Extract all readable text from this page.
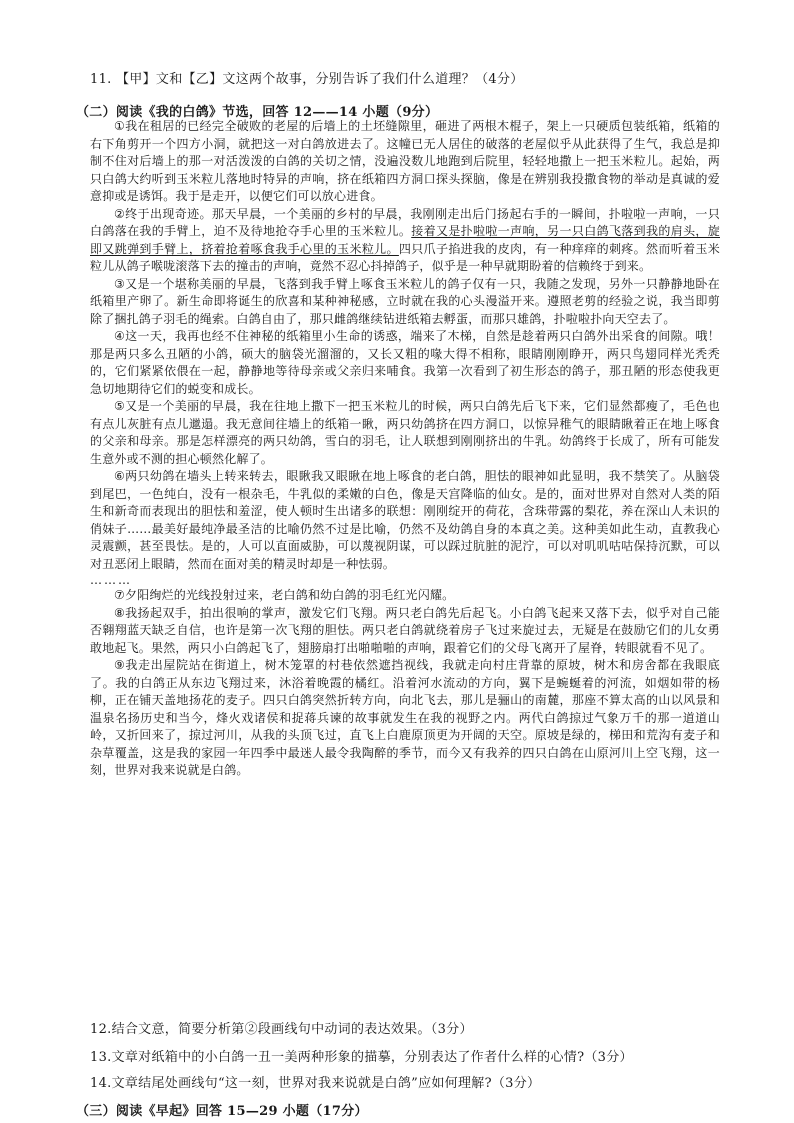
11. 【甲】文和【乙】文这两个故事，分别告诉了我们什么道理？（4分）
（二）阅读《我的白鸽》节选，回答 12——14 小题（9分）

①我在租居的已经完全破败的老屋的后墙上的土坯缝隙里，砸进了两根木棍子，架上一只硬质包装纸箱，纸箱的右下角剪开一个四方小洞，就把这一对白鸽放进去了。这幢已无人居住的破落的老屋似乎从此获得了生气，我总是抑制不住对后墙上的那一对活泼泼的白鸽的关切之情，没遍没数儿地跑到后院里，轻轻地撒上一把玉米粒儿。起始，两只白鸽大约听到玉米粒儿落地时特异的声响，挤在纸箱四方洞口探头探脑，像是在辨别我投撒食物的举动是真诚的爱意抑或是诱饵。我于是走开，以便它们可以放心进食。

②终于出现奇迹。那天早晨，一个美丽的乡村的早晨，我刚刚走出后门扬起右手的一瞬间，扑啦啦一声响，一只白鸽落在我的手臂上，迫不及待地抢夺手心里的玉米粒儿。接着又是扑啦啦一声响，另一只白鸽飞落到我的肩头，旋即又跳弹到手臂上，挤着抢着啄食我手心里的玉米粒儿。四只爪子掐进我的皮肉，有一种痒痒的刺疼。然而听着玉米粒儿从鸽子喉咙滚落下去的撞击的声响，竟然不忍心抖掉鸽子，似乎是一种早就期盼着的信赖终于到来。

③又是一个堪称美丽的早晨，飞落到我手臂上啄食玉米粒儿的鸽子仅有一只，我随之发现，另外一只静静地卧在纸箱里产卵了。新生命即将诞生的欣喜和某种神秘感，立时就在我的心头漫溢开来。遵照老剪的经验之说，我当即剪除了捆扎鸽子羽毛的绳索。白鸽自由了，那只雌鸽继续钻进纸箱去孵蛋，而那只雄鸽，扑啦啦扑向天空去了。

④这一天，我再也经不住神秘的纸箱里小生命的诱惑，端来了木梯，自然是趁着两只白鸽外出采食的间隙。哦！那是两只多么丑陋的小鸽，硕大的脑袋光溜溜的，又长又粗的喙大得不相称，眼睛刚刚睁开，两只鸟翅同样光秃秃的，它们紧紧依偎在一起，静静地等待母亲或父亲归来哺食。我第一次看到了初生形态的鸽子，那丑陋的形态使我更急切地期待它们的蜕变和成长。

⑤又是一个美丽的早晨，我在往地上撒下一把玉米粒儿的时候，两只白鸽先后飞下来，它们显然都瘦了，毛色也有点儿灰脏有点儿邋遢。我无意间往墙上的纸箱一瞅，两只幼鸽挤在四方洞口，以惊异稚气的眼睛瞅着正在地上啄食的父亲和母亲。那是怎样漂亮的两只幼鸽，雪白的羽毛，让人联想到刚刚挤出的牛乳。幼鸽终于长成了，所有可能发生意外或不测的担心顿然化解了。

⑥两只幼鸽在墙头上转来转去，眼瞅我又眼瞅在地上啄食的老白鸽，胆怯的眼神如此显明，我不禁笑了。从脑袋到尾巴，一色纯白，没有一根杂毛，牛乳似的柔嫩的白色，像是天宫降临的仙女。是的，面对世界对自然对人类的陌生和新奇而表现出的胆怯和羞涩，使人顿时生出诸多的联想：刚刚绽开的荷花，含珠带露的梨花，养在深山人未识的俏妹子……最美好最纯净最圣洁的比喻仍然不过是比喻，仍然不及幼鸽自身的本真之美。这种美如此生动，直教我心灵震颤，甚至畏怯。是的，人可以直面威胁，可以蔑视阴谋，可以踩过肮脏的泥泞，可以对叽叽咕咕保持沉默，可以对丑恶闭上眼睛，然而在面对美的精灵时却是一种怯弱。

………

⑦夕阳绚烂的光线投射过来，老白鸽和幼白鸽的羽毛红光闪耀。

⑧我扬起双手，拍出很响的掌声，激发它们飞翔。两只老白鸽先后起飞。小白鸽飞起来又落下去，似乎对自己能否翱翔蓝天缺乏自信，也许是第一次飞翔的胆怯。两只老白鸽就绕着房子飞过来旋过去，无疑是在鼓励它们的儿女勇敢地起飞。果然，两只小白鸽起飞了，翅膀扇打出啪啪啪的声响，跟着它们的父母飞离开了屋脊，转眼就看不见了。

⑨我走出屋院站在街道上，树木笼罩的村巷依然遮挡视线，我就走向村庄背靠的原坡，树木和房舍都在我眼底了。我的白鸽正从东边飞翔过来，沐浴着晚霞的橘红。沿着河水流动的方向，翼下是蜿蜒着的河流，如烟如带的杨柳，正在铺天盖地扬花的麦子。四只白鸽突然折转方向，向北飞去，那儿是骊山的南麓，那座不算太高的山以风景和温泉名扬历史和当今，烽火戏诸侯和捉蒋兵谏的故事就发生在我的视野之内。两代白鸽掠过气象万千的那一道道山岭，又折回来了，掠过河川，从我的头顶飞过，直飞上白鹿原顶更为开阔的天空。原坡是绿的，梯田和荒沟有麦子和杂草覆盖，这是我的家园一年四季中最迷人最令我陶醉的季节，而今又有我养的四只白鸽在山原河川上空飞翔，这一刻，世界对我来说就是白鸽。

12.结合文意，简要分析第②段画线句中动词的表达效果。（3分）
13.文章对纸箱中的小白鸽一丑一美两种形象的描摹，分别表达了作者什么样的心情?（3分）
14.文章结尾处画线句“这一刻，世界对我来说就是白鸽”应如何理解?（3分）
（三）阅读《早起》回答 15—29 小题（17分）
